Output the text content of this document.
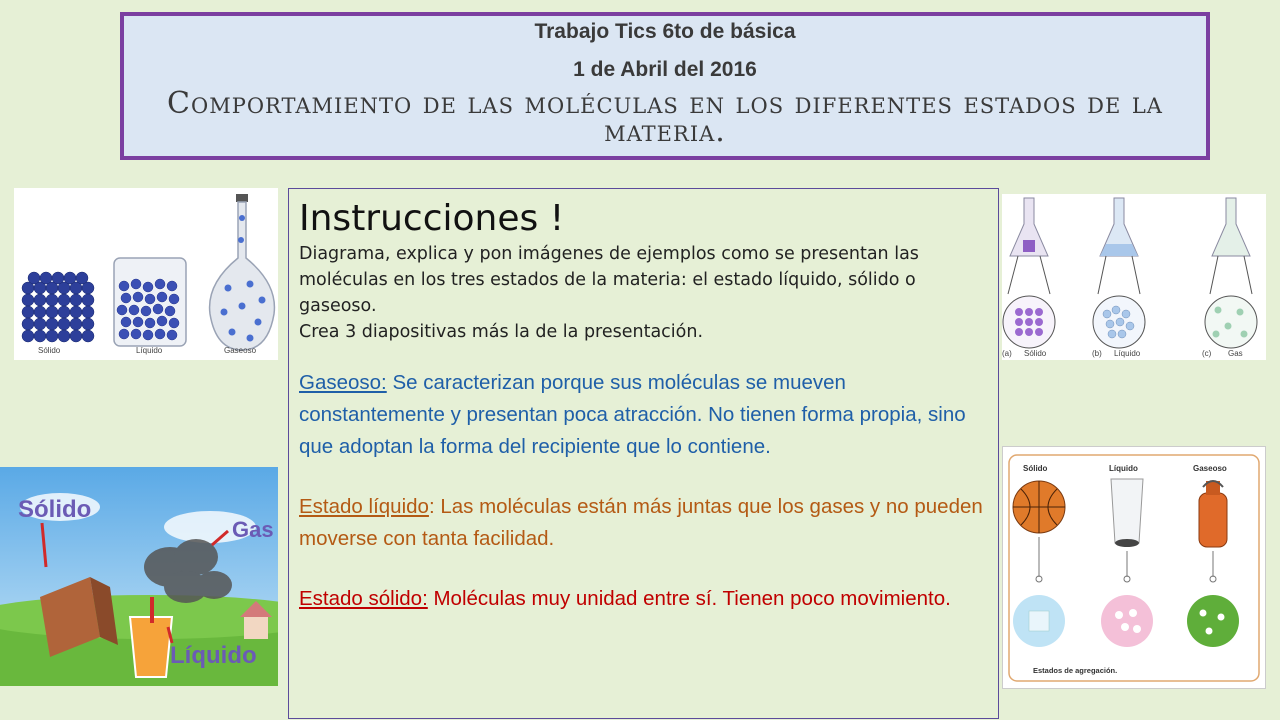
Trabajo Tics 6to de básica
1 de Abril del 2016
Comportamiento de las moléculas en los diferentes estados de la materia.
Sólido	Líquido	Gaseoso
Sólido
Gas
Líquido
(a) Sólido	(b) Líquido	(c) Gas
Sólido	Líquido	Gaseoso
Estados de agregación.
Instrucciones !

Diagrama, explica y pon imágenes de ejemplos como se presentan las moléculas en los tres estados de la materia: el estado líquido, sólido o gaseoso.

Crea 3 diapositivas más la de la presentación.

Gaseoso: Se caracterizan porque sus moléculas se mueven constantemente y presentan poca atracción. No tienen forma propia, sino que adoptan la forma del recipiente que lo contiene.

Estado líquido: Las moléculas están más juntas que los gases y no pueden moverse con tanta facilidad.

Estado sólido: Moléculas muy unidad entre sí. Tienen poco movimiento.
